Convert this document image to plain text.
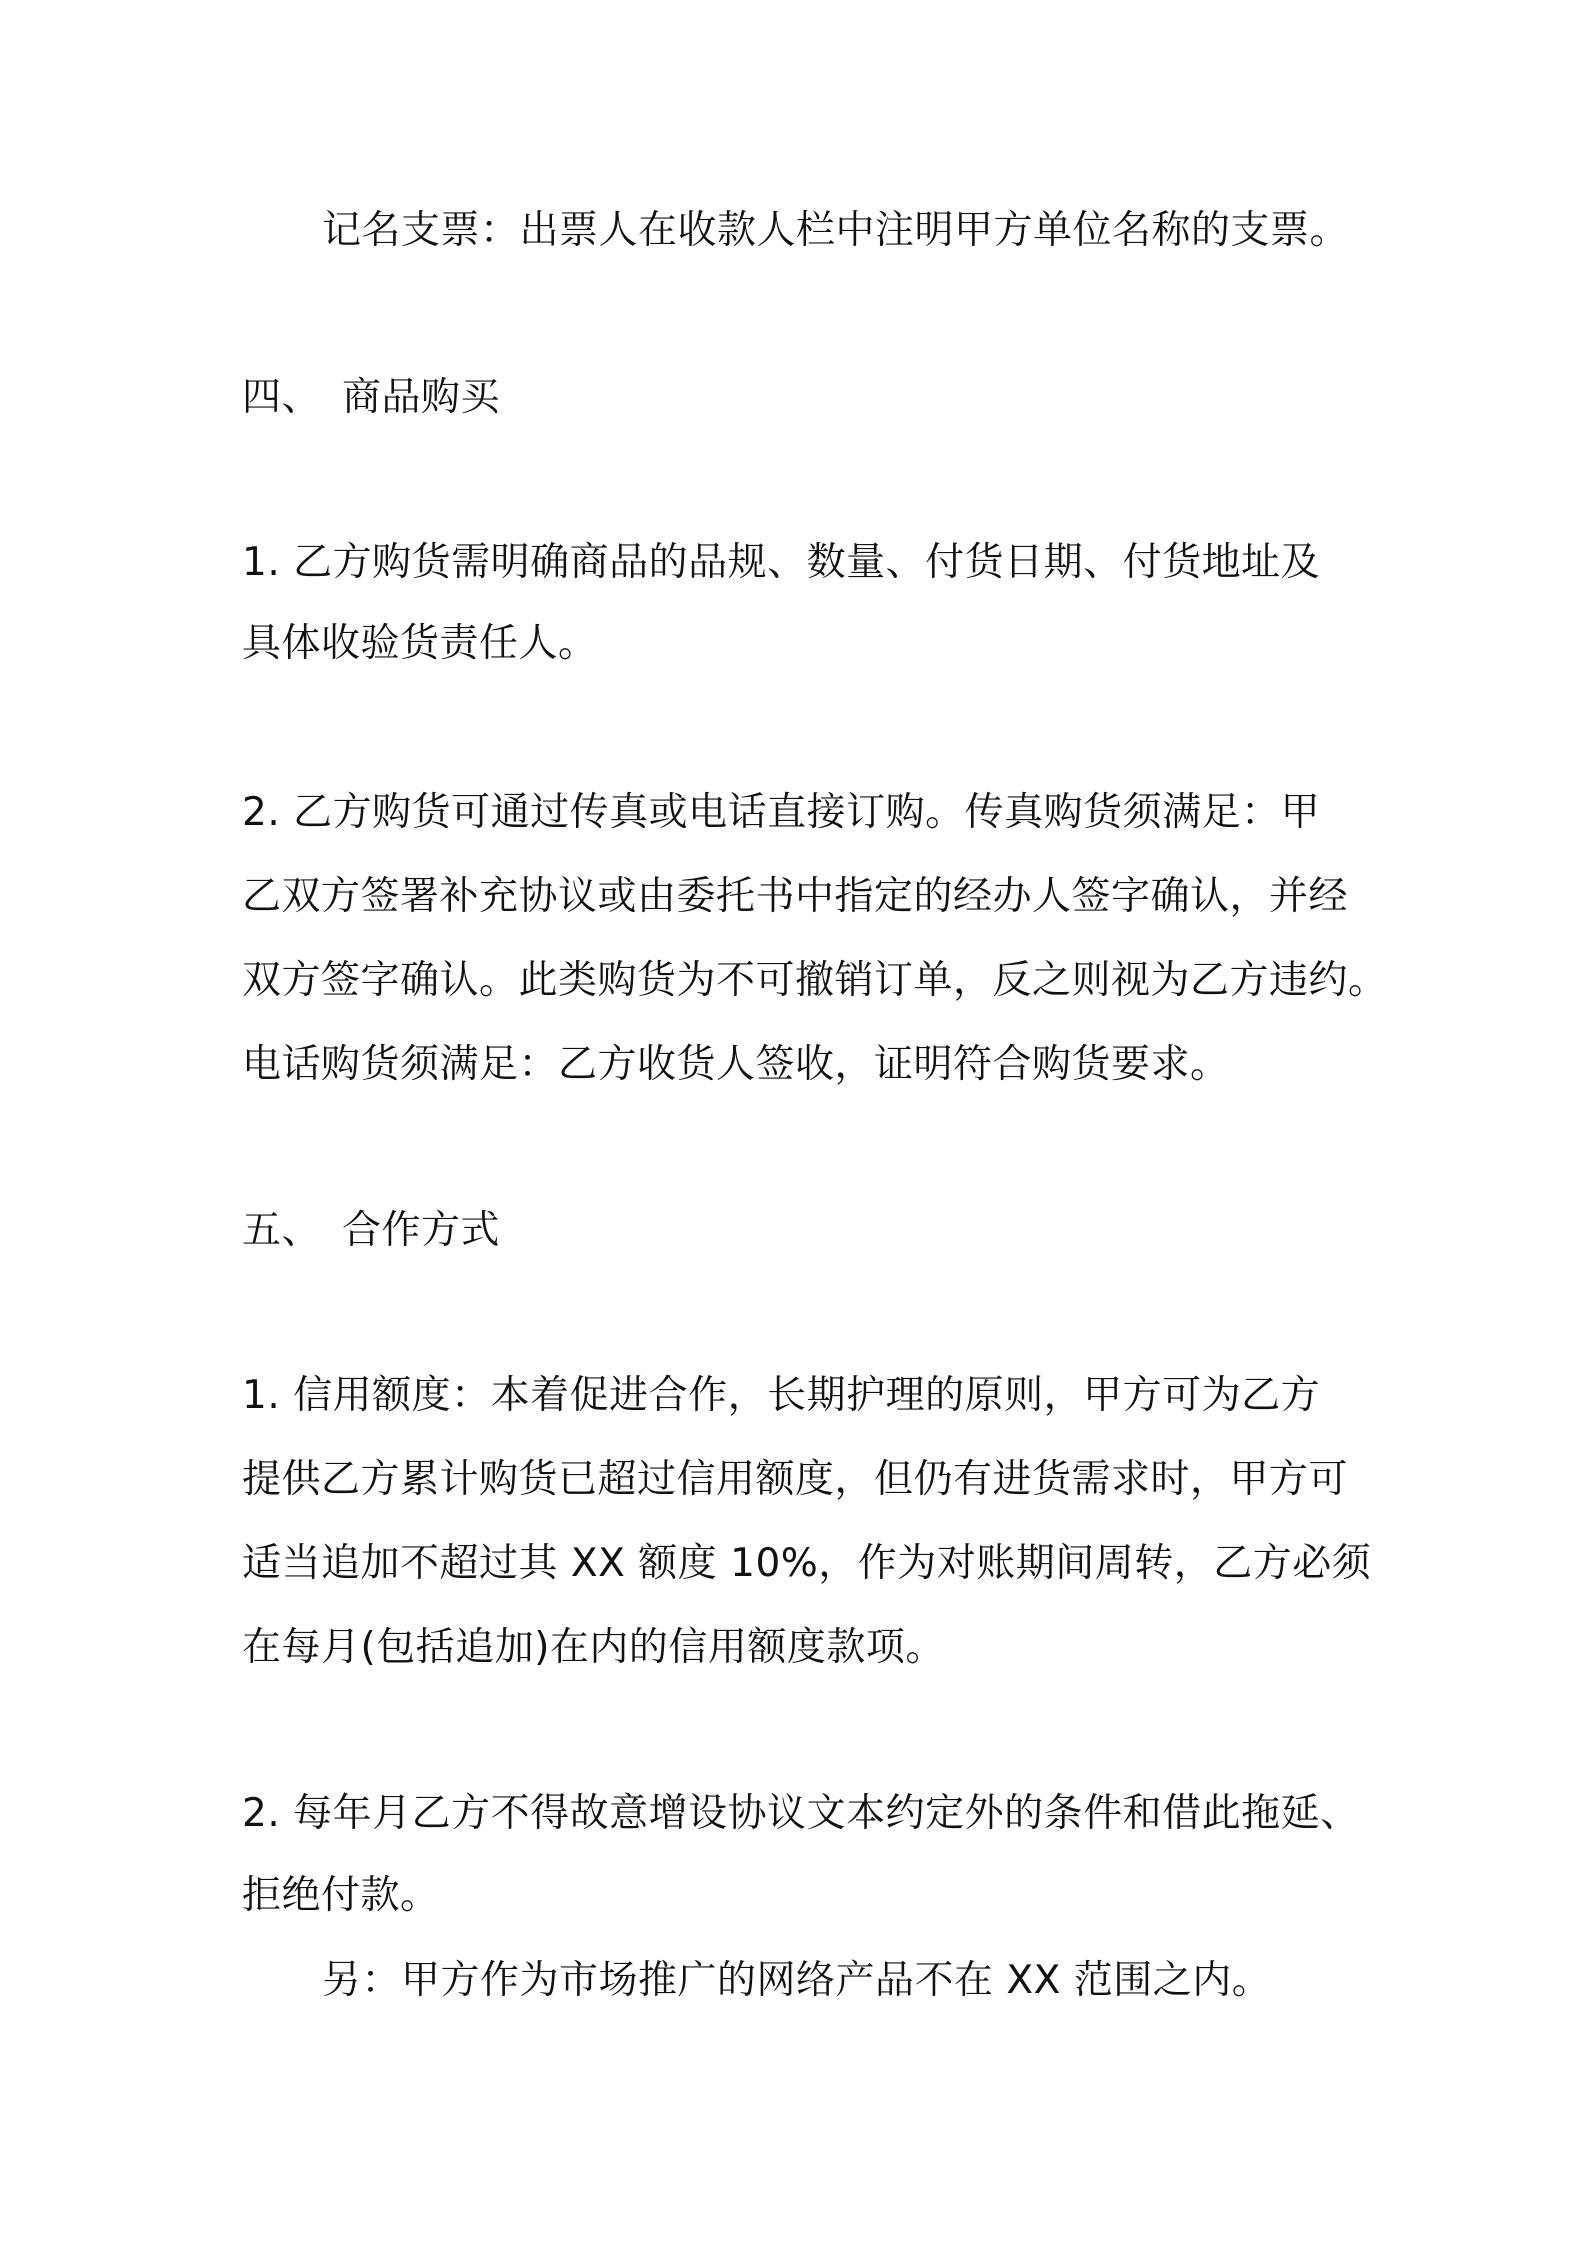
记名支票：出票人在收款人栏中注明甲方单位名称的支票。
四、 商品购买
1. 乙方购货需明确商品的品规、数量、付货日期、付货地址及
具体收验货责任人。
2. 乙方购货可通过传真或电话直接订购。传真购货须满足：甲
乙双方签署补充协议或由委托书中指定的经办人签字确认，并经
双方签字确认。此类购货为不可撤销订单，反之则视为乙方违约。
电话购货须满足：乙方收货人签收，证明符合购货要求。
五、 合作方式
1. 信用额度：本着促进合作，长期护理的原则，甲方可为乙方
提供乙方累计购货已超过信用额度，但仍有进货需求时，甲方可
适当追加不超过其 XX 额度 10%，作为对账期间周转，乙方必须
在每月(包括追加)在内的信用额度款项。
2. 每年月乙方不得故意增设协议文本约定外的条件和借此拖延、
拒绝付款。
另：甲方作为市场推广的网络产品不在 XX 范围之内。
